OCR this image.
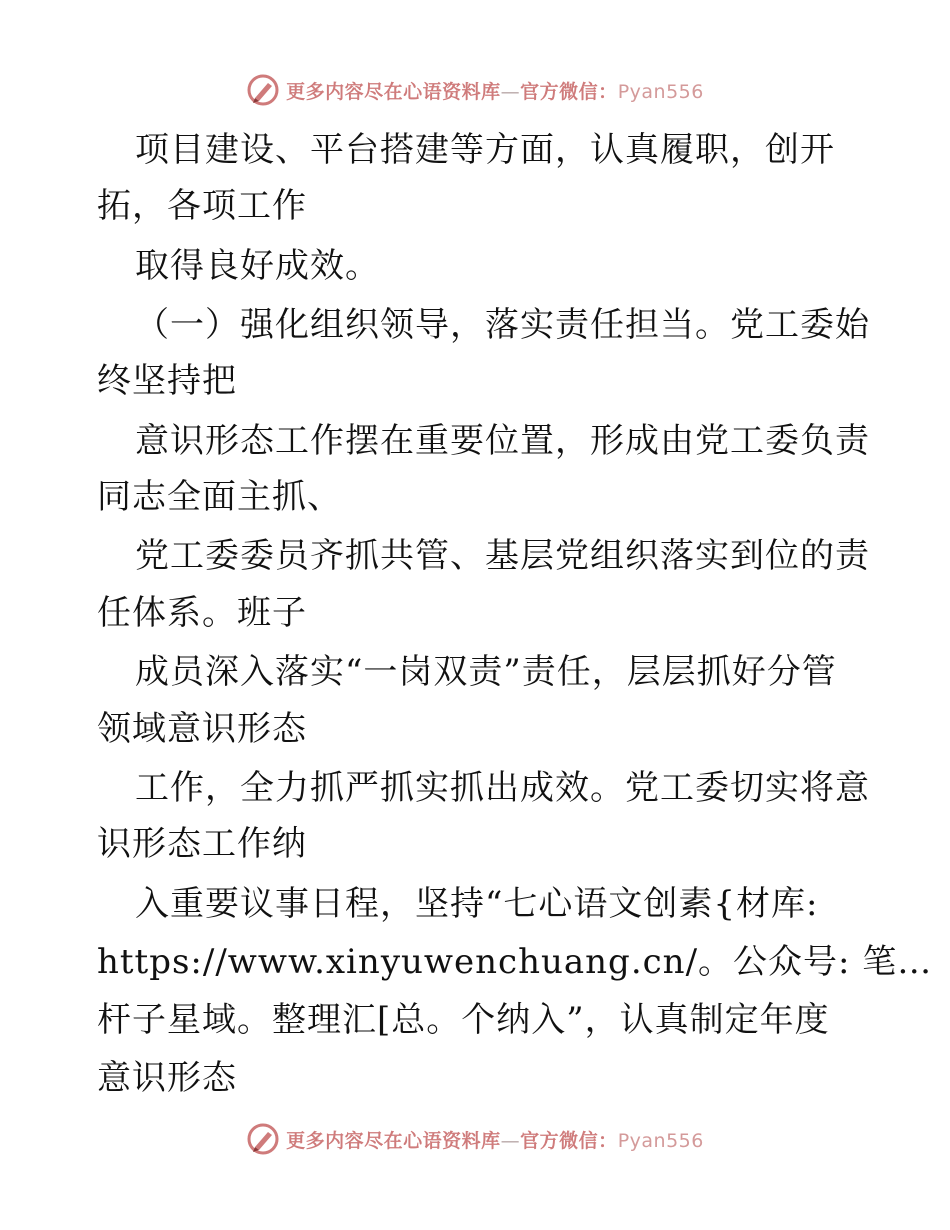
更多内容尽在心语资料库—官方微信：Pyan556
项目建设、平台搭建等方面，认真履职，创开
拓，各项工作
取得良好成效。
（一）强化组织领导，落实责任担当。党工委始
终坚持把
意识形态工作摆在重要位置，形成由党工委负责
同志全面主抓、
党工委委员齐抓共管、基层党组织落实到位的责
任体系。班子
成员深入落实“一岗双责”责任，层层抓好分管
领域意识形态
工作，全力抓严抓实抓出成效。党工委切实将意
识形态工作纳
入重要议事日程，坚持“七心语文创素{材库:
https://www.xinyuwenchuang.cn/。公众号: 笔…
杆子星域。整理汇[总。个纳入”，认真制定年度
意识形态
更多内容尽在心语资料库—官方微信：Pyan556
